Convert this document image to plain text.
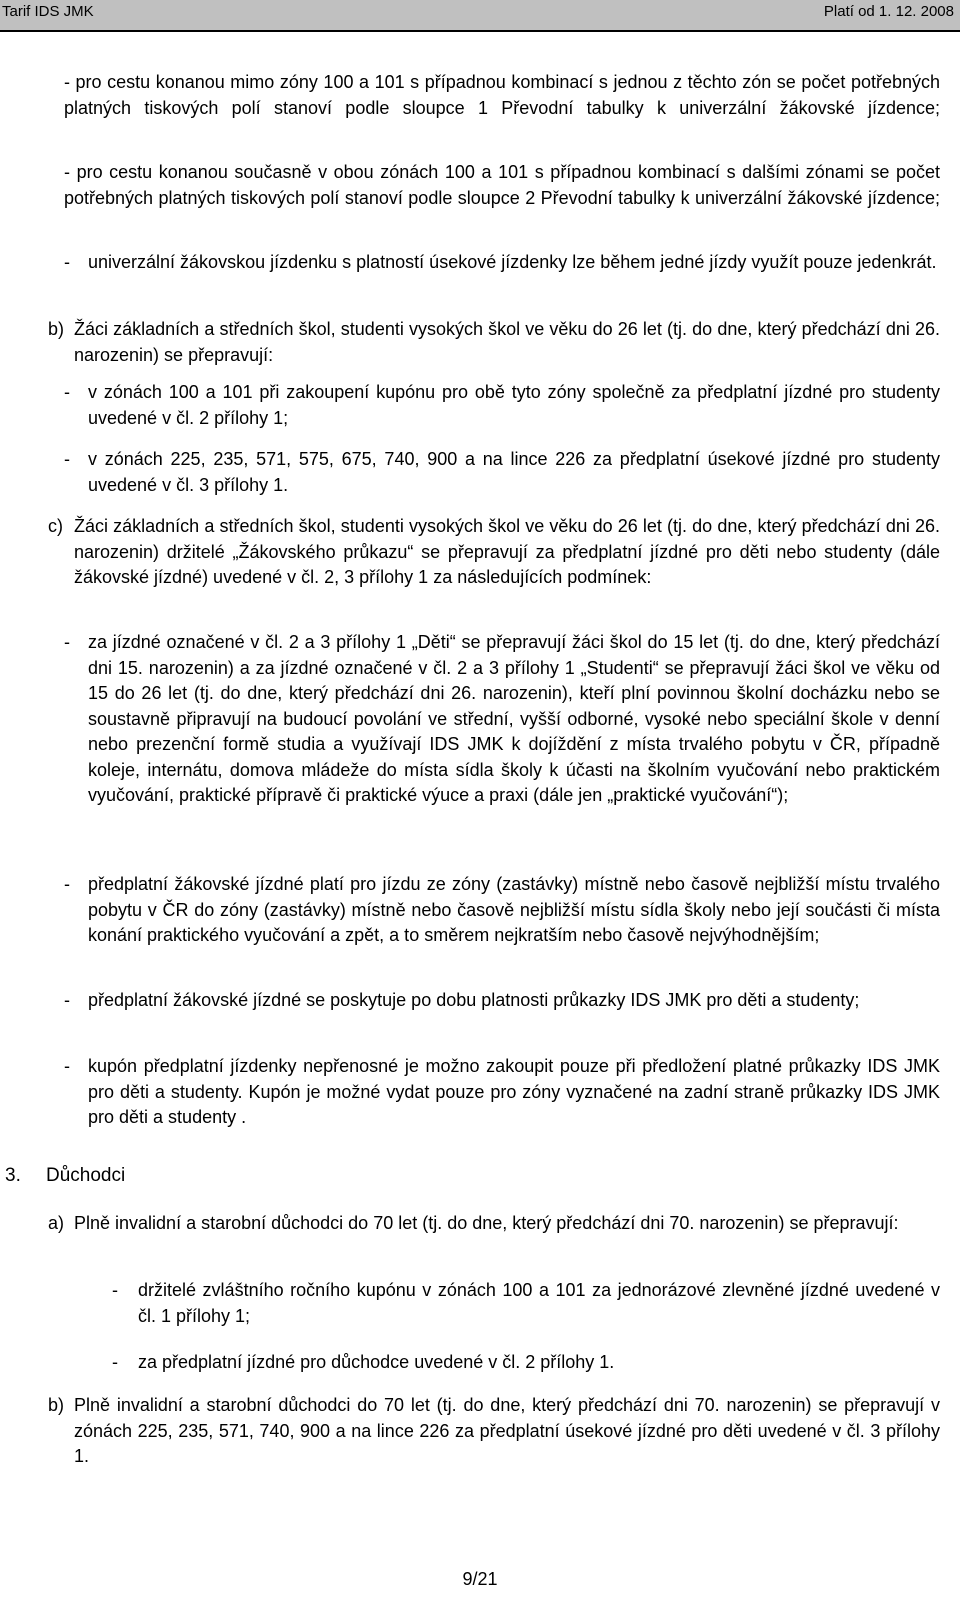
Tarif IDS JMK	Platí od 1. 12. 2008
- pro cestu konanou mimo zóny 100 a 101 s případnou kombinací s jednou z těchto zón se počet potřebných platných tiskových polí stanoví podle sloupce 1 Převodní tabulky k univerzální žákovské jízdence;
- pro cestu konanou současně v obou zónách 100 a 101 s případnou kombinací s dalšími zónami se počet potřebných platných tiskových polí stanoví podle sloupce 2 Převodní tabulky k univerzální žákovské jízdence;
- univerzální žákovskou jízdenku s platností úsekové jízdenky lze během jedné jízdy využít pouze jedenkrát.
b) Žáci základních a středních škol, studenti vysokých škol ve věku do 26 let (tj. do dne, který předchází dni 26. narozenin) se přepravují:
- v zónách 100 a 101 při zakoupení kupónu pro obě tyto zóny společně za předplatní jízdné pro studenty uvedené v čl. 2 přílohy 1;
- v zónách 225, 235, 571, 575, 675, 740, 900 a na lince 226 za předplatní úsekové jízdné pro studenty uvedené v čl. 3 přílohy 1.
c) Žáci základních a středních škol, studenti vysokých škol ve věku do 26 let (tj. do dne, který předchází dni 26. narozenin) držitelé „Žákovského průkazu“ se přepravují za předplatní jízdné pro děti nebo studenty (dále žákovské jízdné) uvedené v čl. 2, 3 přílohy 1 za následujících podmínek:
- za jízdné označené v čl. 2 a 3 přílohy 1 „Děti“ se přepravují žáci škol do 15 let (tj. do dne, který předchází dni 15. narozenin) a za jízdné označené v čl. 2 a 3 přílohy 1 „Studenti“ se přepravují žáci škol ve věku od 15 do 26 let (tj. do dne, který předchází dni 26. narozenin), kteří plní povinnou školní docházku nebo se soustavně připravují na budoucí povolání ve střední, vyšší odborné, vysoké nebo speciální škole v denní nebo prezenční formě studia a využívají IDS JMK k dojíždění z místa trvalého pobytu v ČR, případně koleje, internátu, domova mládeže do místa sídla školy k účasti na školním vyučování nebo praktickém vyučování, praktické přípravě či praktické výuce a praxi (dále jen „praktické vyučování“);
- předplatní žákovské jízdné platí pro jízdu ze zóny (zastávky) místně nebo časově nejbližší místu trvalého pobytu v ČR do zóny (zastávky) místně nebo časově nejbližší místu sídla školy nebo její součásti či místa konání praktického vyučování a zpět, a to směrem nejkratším nebo časově nejvýhodnějším;
- předplatní žákovské jízdné se poskytuje po dobu platnosti průkazky IDS JMK pro děti a studenty;
- kupón předplatní jízdenky nepřenosné je možno zakoupit pouze při předložení platné průkazky IDS JMK pro děti a studenty. Kupón je možné vydat pouze pro zóny vyznačené na zadní straně průkazky IDS JMK pro děti a studenty .
3. Důchodci
a) Plně invalidní a starobní důchodci do 70 let (tj. do dne, který předchází dni 70. narozenin) se přepravují:
- držitelé zvláštního ročního kupónu v zónách 100 a 101 za jednorázové zlevněné jízdné uvedené v čl. 1 přílohy 1;
- za předplatní jízdné pro důchodce uvedené v čl. 2 přílohy 1.
b) Plně invalidní a starobní důchodci do 70 let (tj. do dne, který předchází dni 70. narozenin) se přepravují v zónách 225, 235, 571, 740, 900 a na lince 226 za předplatní úsekové jízdné pro děti uvedené v čl. 3 přílohy 1.
9/21
